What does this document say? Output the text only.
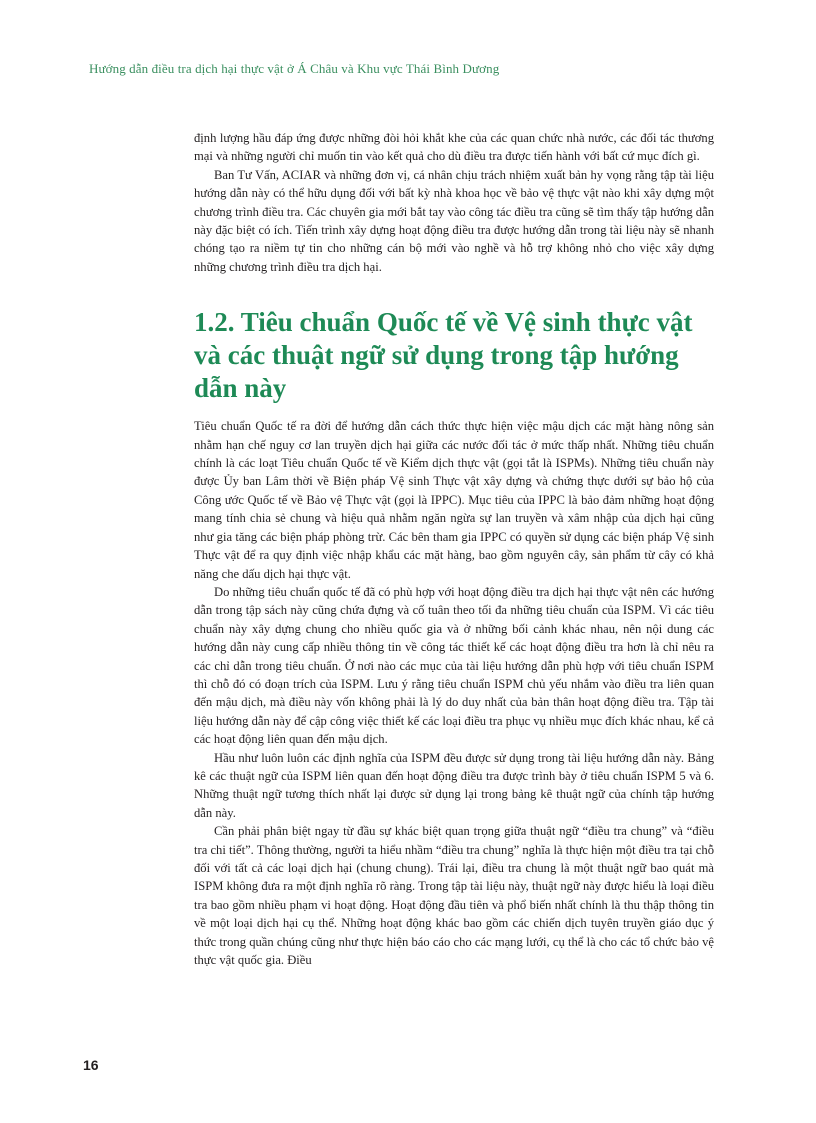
Hướng dẫn điều tra dịch hại thực vật ở Á Châu và Khu vực Thái Bình Dương

định lượng hầu đáp ứng được những đòi hỏi khắt khe của các quan chức nhà nước, các đối tác thương mại và những người chỉ muốn tin vào kết quả cho dù điều tra được tiến hành với bất cứ mục đích gì.

Ban Tư Vấn, ACIAR và những đơn vị, cá nhân chịu trách nhiệm xuất bản hy vọng rằng tập tài liệu hướng dẫn này có thể hữu dụng đối với bất kỳ nhà khoa học về bảo vệ thực vật nào khi xây dựng một chương trình điều tra. Các chuyên gia mới bắt tay vào công tác điều tra cũng sẽ tìm thấy tập hướng dẫn này đặc biệt có ích. Tiến trình xây dựng hoạt động điều tra được hướng dẫn trong tài liệu này sẽ nhanh chóng tạo ra niềm tự tin cho những cán bộ mới vào nghề và hỗ trợ không nhỏ cho việc xây dựng những chương trình điều tra dịch hại.

1.2. Tiêu chuẩn Quốc tế về Vệ sinh thực vật và các thuật ngữ sử dụng trong tập hướng dẫn này

Tiêu chuẩn Quốc tế ra đời để hướng dẫn cách thức thực hiện việc mậu dịch các mặt hàng nông sản nhằm hạn chế nguy cơ lan truyền dịch hại giữa các nước đối tác ở mức thấp nhất. Những tiêu chuẩn chính là các loạt Tiêu chuẩn Quốc tế về Kiểm dịch thực vật (gọi tắt là ISPMs). Những tiêu chuẩn này được Ủy ban Lâm thời về Biện pháp Vệ sinh Thực vật xây dựng và chứng thực dưới sự bảo hộ của Công ước Quốc tế về Bảo vệ Thực vật (gọi là IPPC). Mục tiêu của IPPC là bảo đảm những hoạt động mang tính chia sẻ chung và hiệu quả nhằm ngăn ngừa sự lan truyền và xâm nhập của dịch hại cũng như gia tăng các biện pháp phòng trừ. Các bên tham gia IPPC có quyền sử dụng các biện pháp Vệ sinh Thực vật để ra quy định việc nhập khẩu các mặt hàng, bao gồm nguyên cây, sản phẩm từ cây có khả năng che dấu dịch hại thực vật.

Do những tiêu chuẩn quốc tế đã có phù hợp với hoạt động điều tra dịch hại thực vật nên các hướng dẫn trong tập sách này cũng chứa đựng và cố tuân theo tối đa những tiêu chuẩn của ISPM. Vì các tiêu chuẩn này xây dựng chung cho nhiều quốc gia và ở những bối cảnh khác nhau, nên nội dung các hướng dẫn này cung cấp nhiều thông tin về công tác thiết kế các hoạt động điều tra hơn là chỉ nêu ra các chỉ dẫn trong tiêu chuẩn. Ở nơi nào các mục của tài liệu hướng dẫn phù hợp với tiêu chuẩn ISPM thì chỗ đó có đoạn trích của ISPM. Lưu ý rằng tiêu chuẩn ISPM chủ yếu nhắm vào điều tra liên quan đến mậu dịch, mà điều này vốn không phải là lý do duy nhất của bản thân hoạt động điều tra. Tập tài liệu hướng dẫn này để cập công việc thiết kế các loại điều tra phục vụ nhiều mục đích khác nhau, kể cả các hoạt động liên quan đến mậu dịch.

Hầu như luôn luôn các định nghĩa của ISPM đều được sử dụng trong tài liệu hướng dẫn này. Bảng kê các thuật ngữ của ISPM liên quan đến hoạt động điều tra được trình bày ở tiêu chuẩn ISPM 5 và 6. Những thuật ngữ tương thích nhất lại được sử dụng lại trong bảng kê thuật ngữ của chính tập hướng dẫn này.

Cần phải phân biệt ngay từ đầu sự khác biệt quan trọng giữa thuật ngữ “điều tra chung” và “điều tra chi tiết”. Thông thường, người ta hiểu nhầm “điều tra chung” nghĩa là thực hiện một điều tra tại chỗ đối với tất cả các loại dịch hại (chung chung). Trái lại, điều tra chung là một thuật ngữ bao quát mà ISPM không đưa ra một định nghĩa rõ ràng. Trong tập tài liệu này, thuật ngữ này được hiểu là loại điều tra bao gồm nhiều phạm vi hoạt động. Hoạt động đầu tiên và phổ biến nhất chính là thu thập thông tin về một loại dịch hại cụ thể. Những hoạt động khác bao gồm các chiến dịch tuyên truyền giáo dục ý thức trong quần chúng cũng như thực hiện báo cáo cho các mạng lưới, cụ thể là cho các tổ chức bảo vệ thực vật quốc gia. Điều

16
